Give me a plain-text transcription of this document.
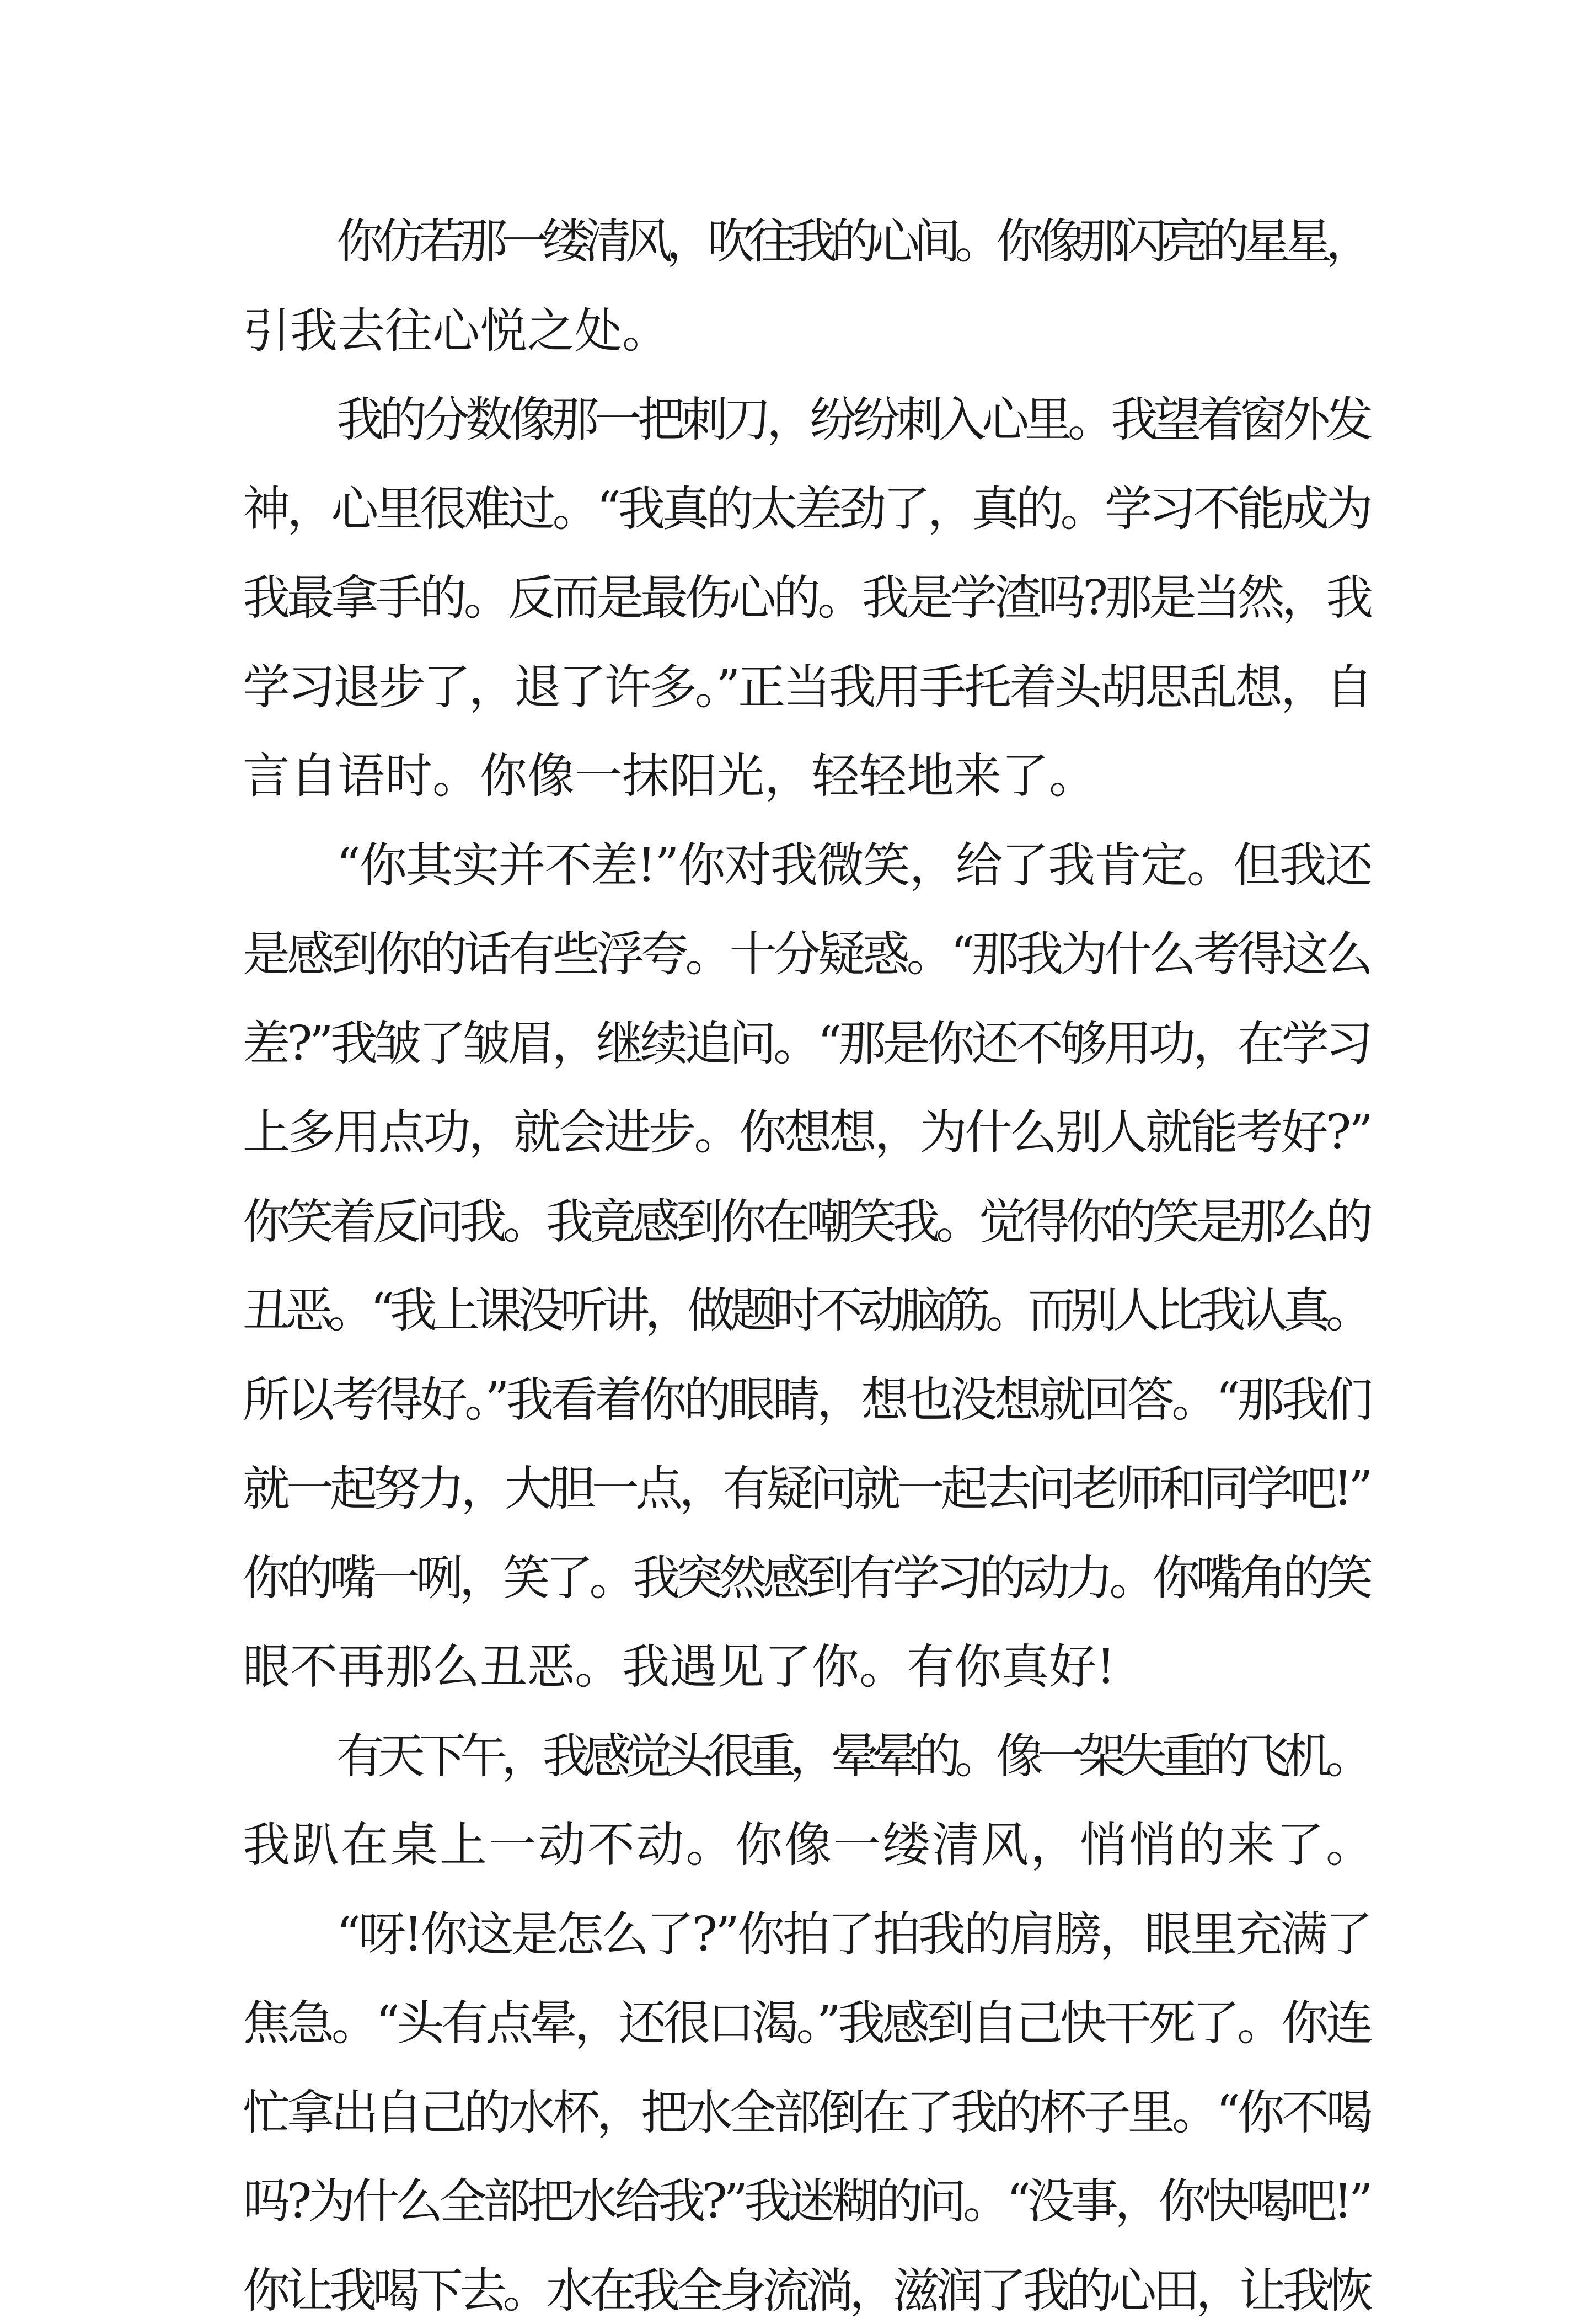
你仿若那一缕清风，吹往我的心间。你像那闪亮的星星，
引我去往心悦之处。
我的分数像那一把刺刀，纷纷刺入心里。我望着窗外发
神，心里很难过。“我真的太差劲了，真的。学习不能成为
我最拿手的。反而是最伤心的。我是学渣吗?那是当然，我
学习退步了，退了许多。”正当我用手托着头胡思乱想，自
言自语时。你像一抹阳光，轻轻地来了。
“你其实并不差!”你对我微笑，给了我肯定。但我还
是感到你的话有些浮夸。十分疑惑。“那我为什么考得这么
差?”我皱了皱眉，继续追问。“那是你还不够用功，在学习
上多用点功，就会进步。你想想，为什么别人就能考好?”
你笑着反问我。我竟感到你在嘲笑我。觉得你的笑是那么的
丑恶。“我上课没听讲，做题时不动脑筋。而别人比我认真。
所以考得好。”我看着你的眼睛，想也没想就回答。“那我们
就一起努力，大胆一点，有疑问就一起去问老师和同学吧!”
你的嘴一咧，笑了。我突然感到有学习的动力。你嘴角的笑
眼不再那么丑恶。我遇见了你。有你真好!
有天下午，我感觉头很重，晕晕的。像一架失重的飞机。
我趴在桌上一动不动。你像一缕清风，悄悄的来了。
“呀!你这是怎么了?”你拍了拍我的肩膀，眼里充满了
焦急。“头有点晕，还很口渴。”我感到自己快干死了。你连
忙拿出自己的水杯，把水全部倒在了我的杯子里。“你不喝
吗?为什么全部把水给我?”我迷糊的问。“没事，你快喝吧!”
你让我喝下去。水在我全身流淌，滋润了我的心田，让我恢
